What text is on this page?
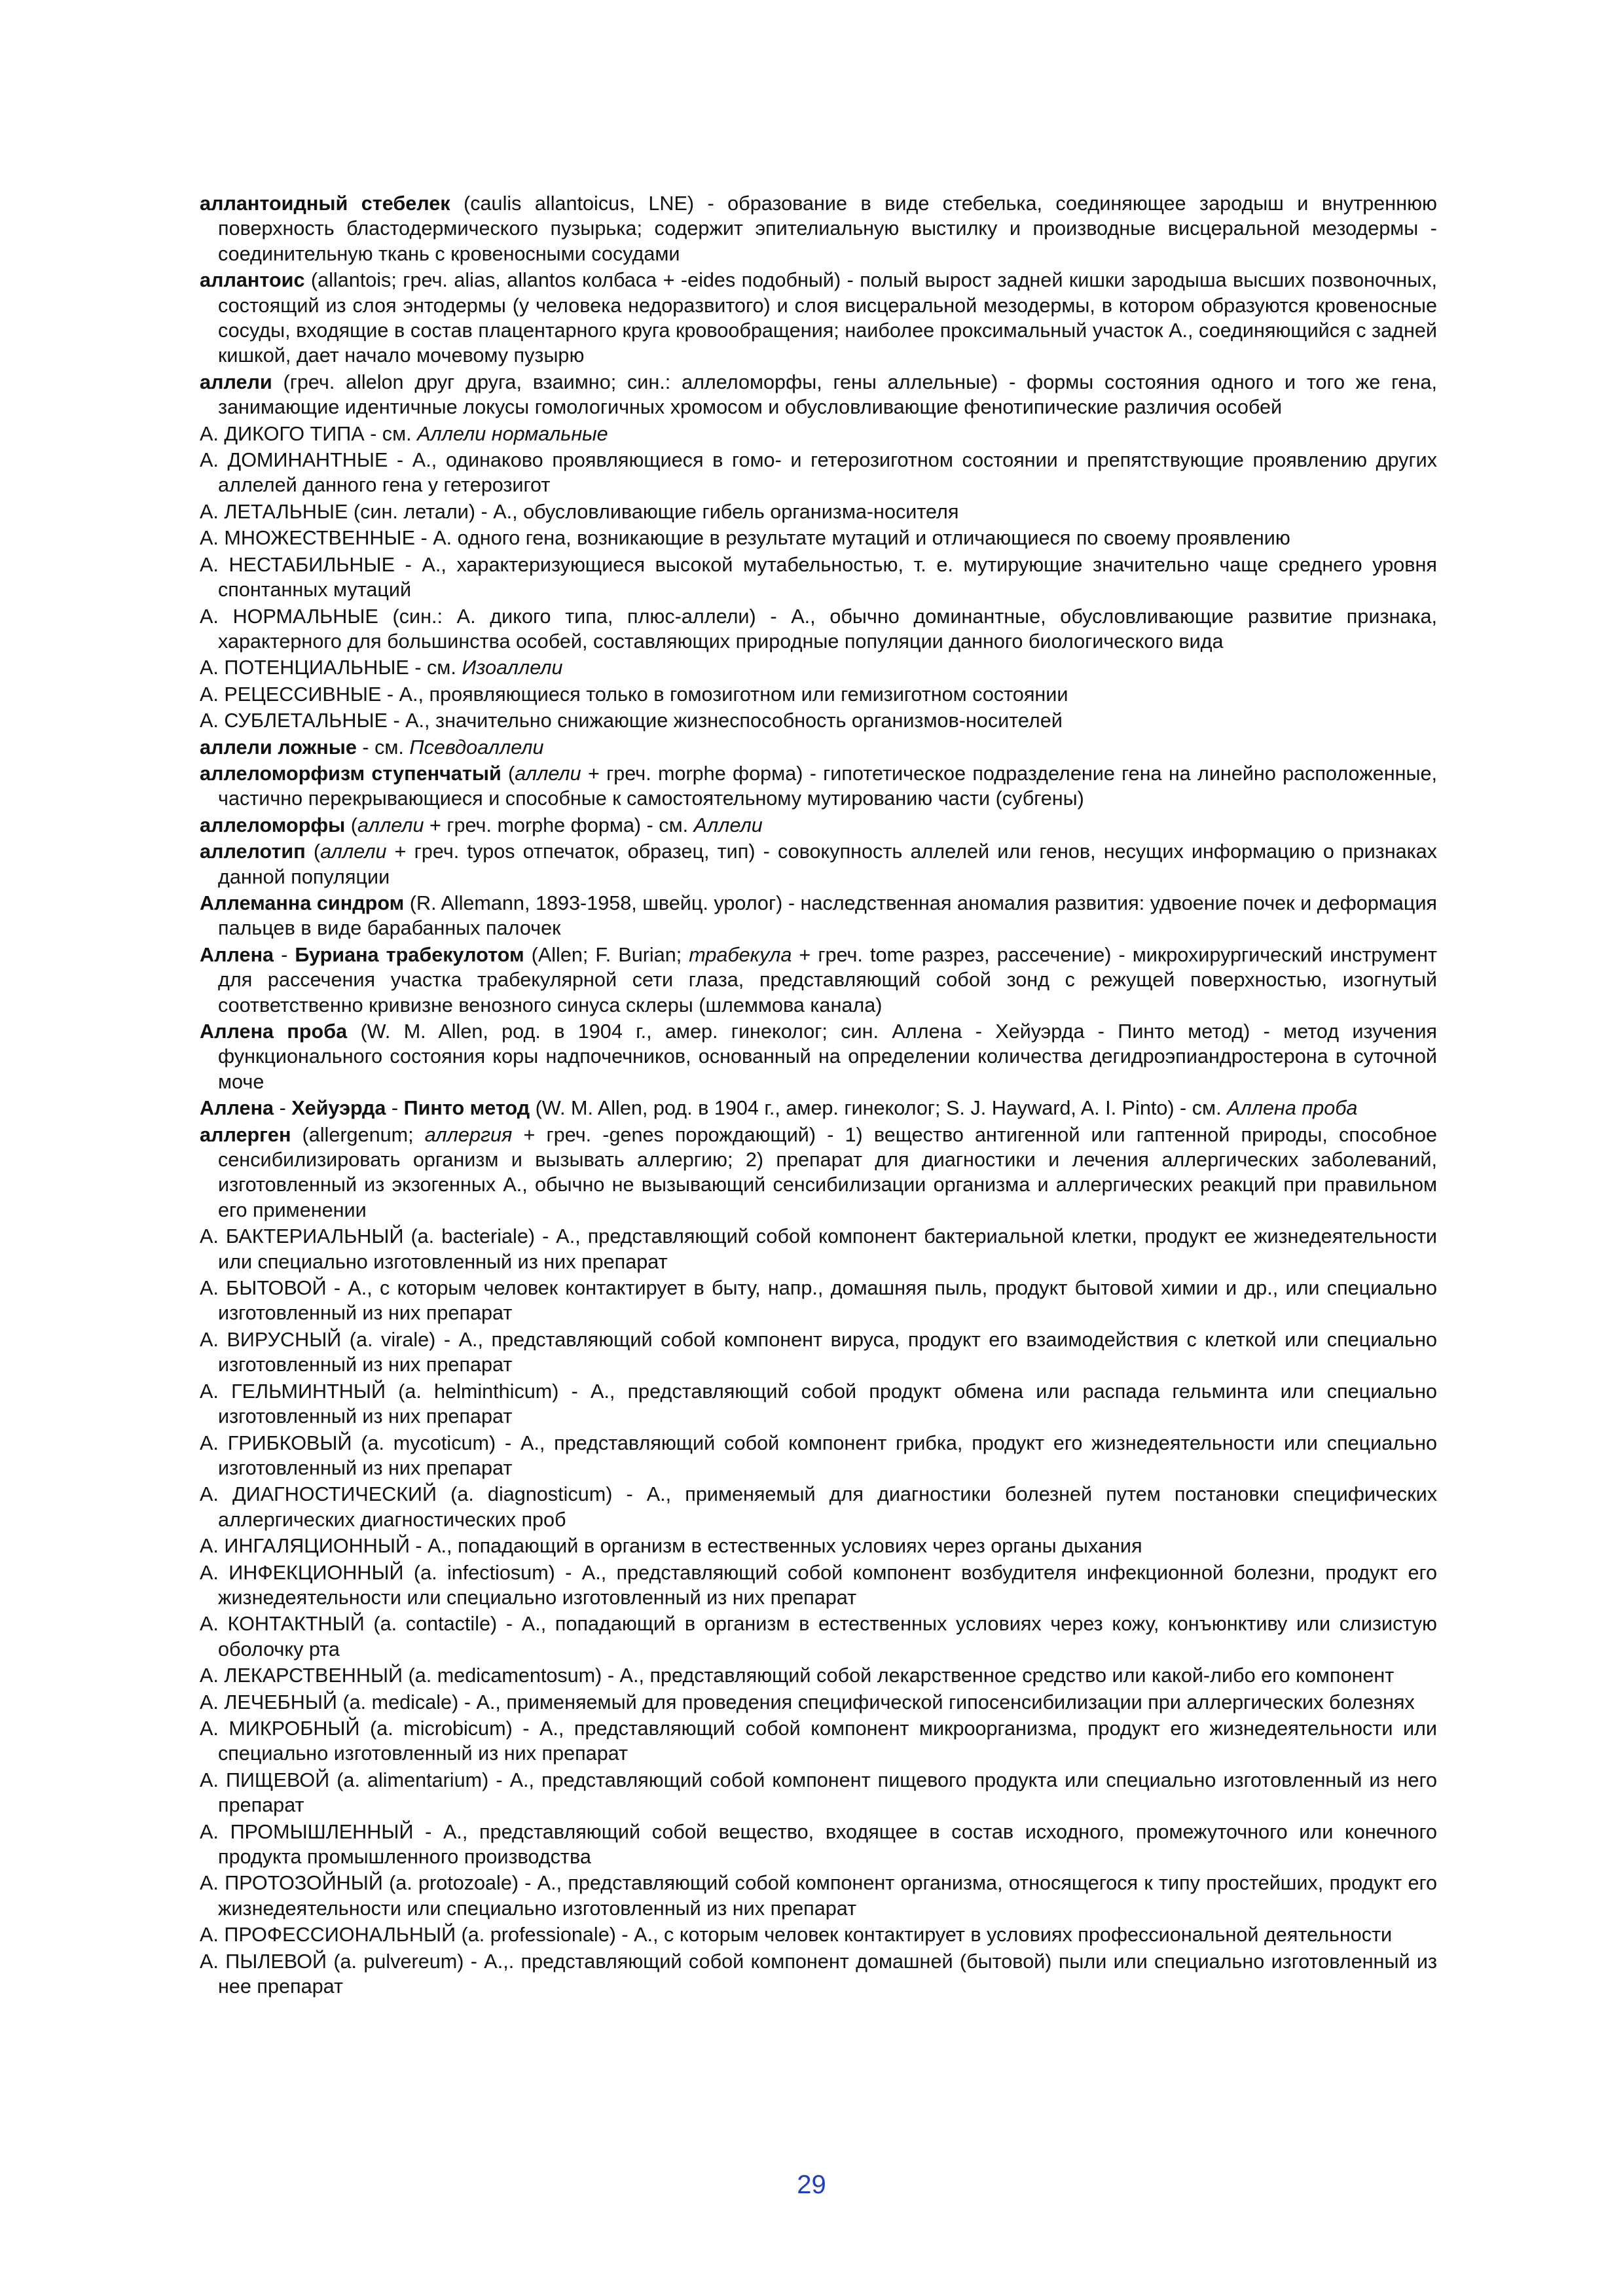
аллантоидный стебелек (caulis allantoicus, LNE) - образование в виде стебелька, соединяющее зародыш и внутреннюю поверхность бластодермического пузырька; содержит эпителиальную выстилку и производные висцеральной мезодермы - соединительную ткань с кровеносными сосудами

аллантоис (allantois; греч. alias, allantos колбаса + -eides подобный) - полый вырост задней кишки зародыша высших позвоночных, состоящий из слоя энтодермы (у человека недоразвитого) и слоя висцеральной мезодермы, в котором образуются кровеносные сосуды, входящие в состав плацентарного круга кровообращения; наиболее проксимальный участок А., соединяющийся с задней кишкой, дает начало мочевому пузырю

аллели (греч. allelon друг друга, взаимно; син.: аллеломорфы, гены аллельные) - формы состояния одного и того же гена, занимающие идентичные локусы гомологичных хромосом и обусловливающие фенотипические различия особей

А. ДИКОГО ТИПА - см. Аллели нормальные

А. ДОМИНАНТНЫЕ - А., одинаково проявляющиеся в гомо- и гетерозиготном состоянии и препятствующие проявлению других аллелей данного гена у гетерозигот

А. ЛЕТАЛЬНЫЕ (син. летали) - А., обусловливающие гибель организма-носителя

А. МНОЖЕСТВЕННЫЕ - А. одного гена, возникающие в результате мутаций и отличающиеся по своему проявлению

А. НЕСТАБИЛЬНЫЕ - А., характеризующиеся высокой мутабельностью, т. е. мутирующие значительно чаще среднего уровня спонтанных мутаций

А. НОРМАЛЬНЫЕ (син.: А. дикого типа, плюс-аллели) - А., обычно доминантные, обусловливающие развитие признака, характерного для большинства особей, составляющих природные популяции данного биологического вида

А. ПОТЕНЦИАЛЬНЫЕ - см. Изоаллели

А. РЕЦЕССИВНЫЕ - А., проявляющиеся только в гомозиготном или гемизиготном состоянии

А. СУБЛЕТАЛЬНЫЕ - А., значительно снижающие жизнеспособность организмов-носителей

аллели ложные - см. Псевдоаллели

аллеломорфизм ступенчатый (аллели + греч. morphe форма) - гипотетическое подразделение гена на линейно расположенные, частично перекрывающиеся и способные к самостоятельному мутированию части (субгены)

аллеломорфы (аллели + греч. morphe форма) - см. Аллели

аллелотип (аллели + греч. typos отпечаток, образец, тип) - совокупность аллелей или генов, несущих информацию о признаках данной популяции

Аллеманна синдром (R. Allemann, 1893-1958, швейц. уролог) - наследственная аномалия развития: удвоение почек и деформация пальцев в виде барабанных палочек

Аллена - Буриана трабекулотом (Allen; F. Burian; трабекула + греч. tome разрез, рассечение) - микрохирургический инструмент для рассечения участка трабекулярной сети глаза, представляющий собой зонд с режущей поверхностью, изогнутый соответственно кривизне венозного синуса склеры (шлеммова канала)

Аллена проба (W. M. Allen, род. в 1904 г., амер. гинеколог; син. Аллена - Хейуэрда - Пинто метод) - метод изучения функционального состояния коры надпочечников, основанный на определении количества дегидроэпиандростерона в суточной моче

Аллена - Хейуэрда - Пинто метод (W. M. Allen, род. в 1904 г., амер. гинеколог; S. J. Hayward, A. I. Pinto) - см. Аллена проба

аллерген (allergenum; аллергия + греч. -genes порождающий) - 1) вещество антигенной или гаптенной природы, способное сенсибилизировать организм и вызывать аллергию; 2) препарат для диагностики и лечения аллергических заболеваний, изготовленный из экзогенных А., обычно не вызывающий сенсибилизации организма и аллергических реакций при правильном его применении

А. БАКТЕРИАЛЬНЫЙ (a. bacteriale) - А., представляющий собой компонент бактериальной клетки, продукт ее жизнедеятельности или специально изготовленный из них препарат

А. БЫТОВОЙ - А., с которым человек контактирует в быту, напр., домашняя пыль, продукт бытовой химии и др., или специально изготовленный из них препарат

А. ВИРУСНЫЙ (a. virale) - А., представляющий собой компонент вируса, продукт его взаимодействия с клеткой или специально изготовленный из них препарат

А. ГЕЛЬМИНТНЫЙ (a. helminthicum) - А., представляющий собой продукт обмена или распада гельминта или специально изготовленный из них препарат

А. ГРИБКОВЫЙ (a. mycoticum) - А., представляющий собой компонент грибка, продукт его жизнедеятельности или специально изготовленный из них препарат

А. ДИАГНОСТИЧЕСКИЙ (a. diagnosticum) - А., применяемый для диагностики болезней путем постановки специфических аллергических диагностических проб

А. ИНГАЛЯЦИОННЫЙ - А., попадающий в организм в естественных условиях через органы дыхания

А. ИНФЕКЦИОННЫЙ (a. infectiosum) - А., представляющий собой компонент возбудителя инфекционной болезни, продукт его жизнедеятельности или специально изготовленный из них препарат

А. КОНТАКТНЫЙ (a. contactile) - А., попадающий в организм в естественных условиях через кожу, конъюнктиву или слизистую оболочку рта

А. ЛЕКАРСТВЕННЫЙ (a. medicamentosum) - А., представляющий собой лекарственное средство или какой-либо его компонент

А. ЛЕЧЕБНЫЙ (a. medicale) - А., применяемый для проведения специфической гипосенсибилизации при аллергических болезнях

А. МИКРОБНЫЙ (a. microbicum) - А., представляющий собой компонент микроорганизма, продукт его жизнедеятельности или специально изготовленный из них препарат

А. ПИЩЕВОЙ (a. alimentarium) - А., представляющий собой компонент пищевого продукта или специально изготовленный из него препарат

А. ПРОМЫШЛЕННЫЙ - А., представляющий собой вещество, входящее в состав исходного, промежуточного или конечного продукта промышленного производства

А. ПРОТОЗОЙНЫЙ (a. protozoale) - А., представляющий собой компонент организма, относящегося к типу простейших, продукт его жизнедеятельности или специально изготовленный из них препарат

А. ПРОФЕССИОНАЛЬНЫЙ (a. professionale) - А., с которым человек контактирует в условиях профессиональной деятельности

А. ПЫЛЕВОЙ (a. pulvereum) - А.,. представляющий собой компонент домашней (бытовой) пыли или специально изготовленный из нее препарат

29
